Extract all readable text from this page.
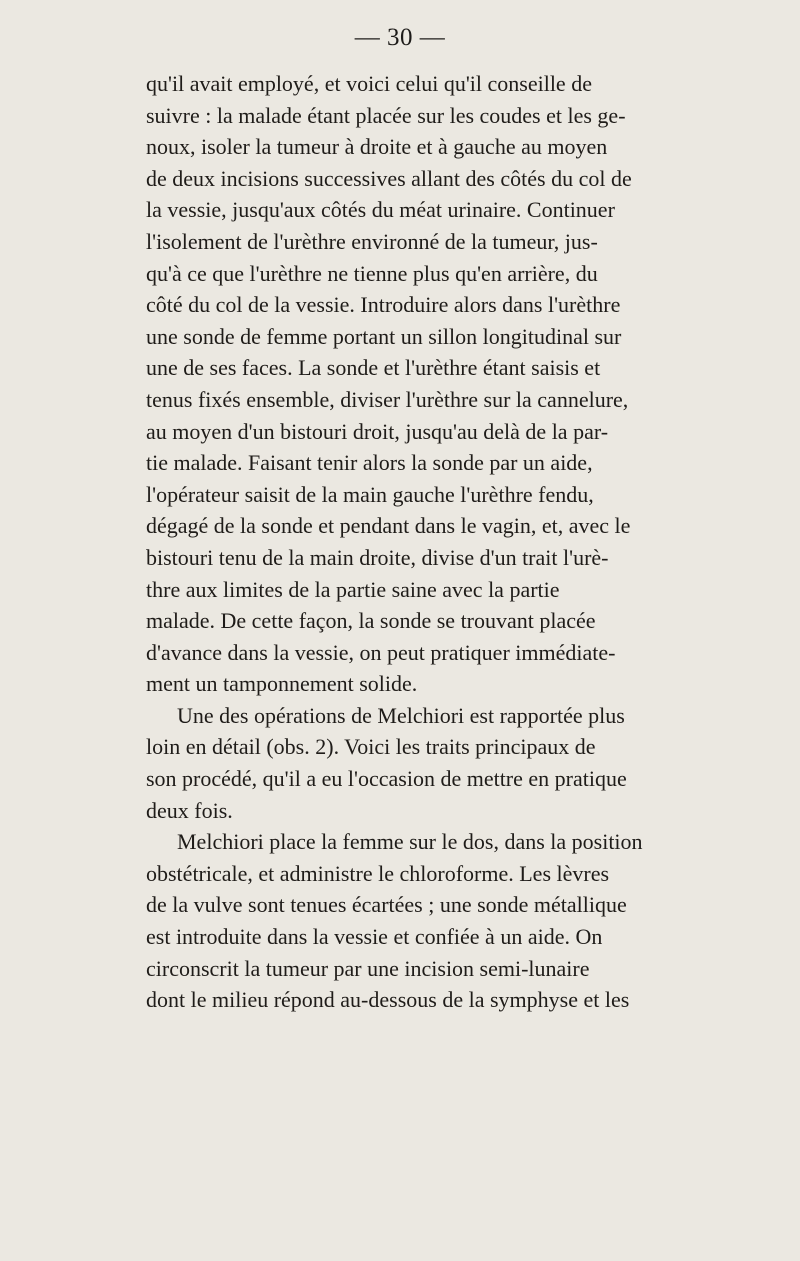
— 30 —
qu'il avait employé, et voici celui qu'il conseille de
suivre : la malade étant placée sur les coudes et les ge-
noux, isoler la tumeur à droite et à gauche au moyen
de deux incisions successives allant des côtés du col de
la vessie, jusqu'aux côtés du méat urinaire. Continuer
l'isolement de l'urèthre environné de la tumeur, jus-
qu'à ce que l'urèthre ne tienne plus qu'en arrière, du
côté du col de la vessie. Introduire alors dans l'urèthre
une sonde de femme portant un sillon longitudinal sur
une de ses faces. La sonde et l'urèthre étant saisis et
tenus fixés ensemble, diviser l'urèthre sur la cannelure,
au moyen d'un bistouri droit, jusqu'au delà de la par-
tie malade. Faisant tenir alors la sonde par un aide,
l'opérateur saisit de la main gauche l'urèthre fendu,
dégagé de la sonde et pendant dans le vagin, et, avec le
bistouri tenu de la main droite, divise d'un trait l'urè-
thre aux limites de la partie saine avec la partie
malade. De cette façon, la sonde se trouvant placée
d'avance dans la vessie, on peut pratiquer immédiate-
ment un tamponnement solide.
Une des opérations de Melchiori est rapportée plus
loin en détail (obs. 2). Voici les traits principaux de
son procédé, qu'il a eu l'occasion de mettre en pratique
deux fois.
Melchiori place la femme sur le dos, dans la position
obstétricale, et administre le chloroforme. Les lèvres
de la vulve sont tenues écartées ; une sonde métallique
est introduite dans la vessie et confiée à un aide. On
circonscrit la tumeur par une incision semi-lunaire
dont le milieu répond au-dessous de la symphyse et les
